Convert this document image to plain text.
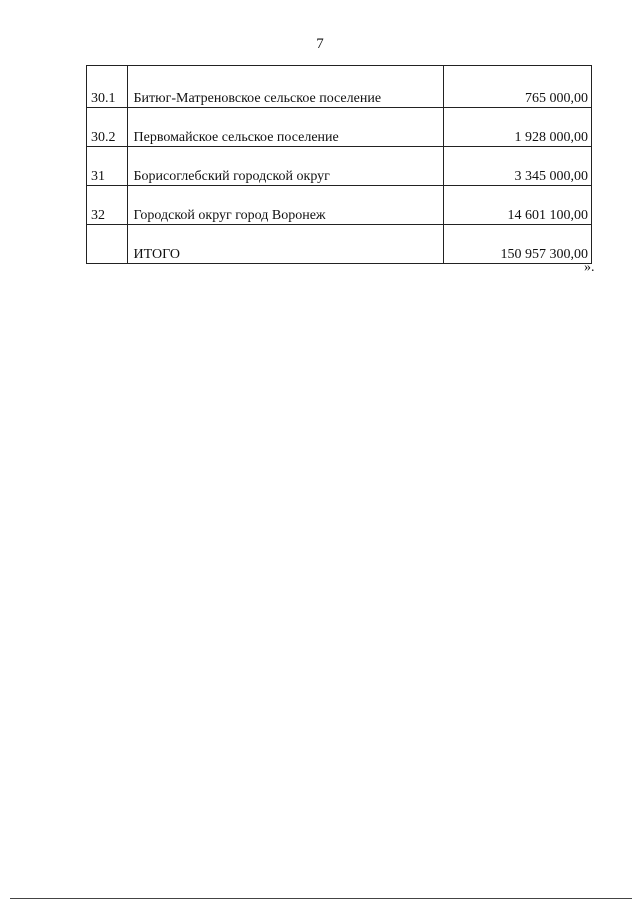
7
30.1	Битюг-Матреновское сельское поселение	765 000,00
30.2	Первомайское сельское поселение	1 928 000,00
31	Борисоглебский городской округ	3 345 000,00
32	Городской округ город Воронеж	14 601 100,00
	ИТОГО	150 957 300,00
».
